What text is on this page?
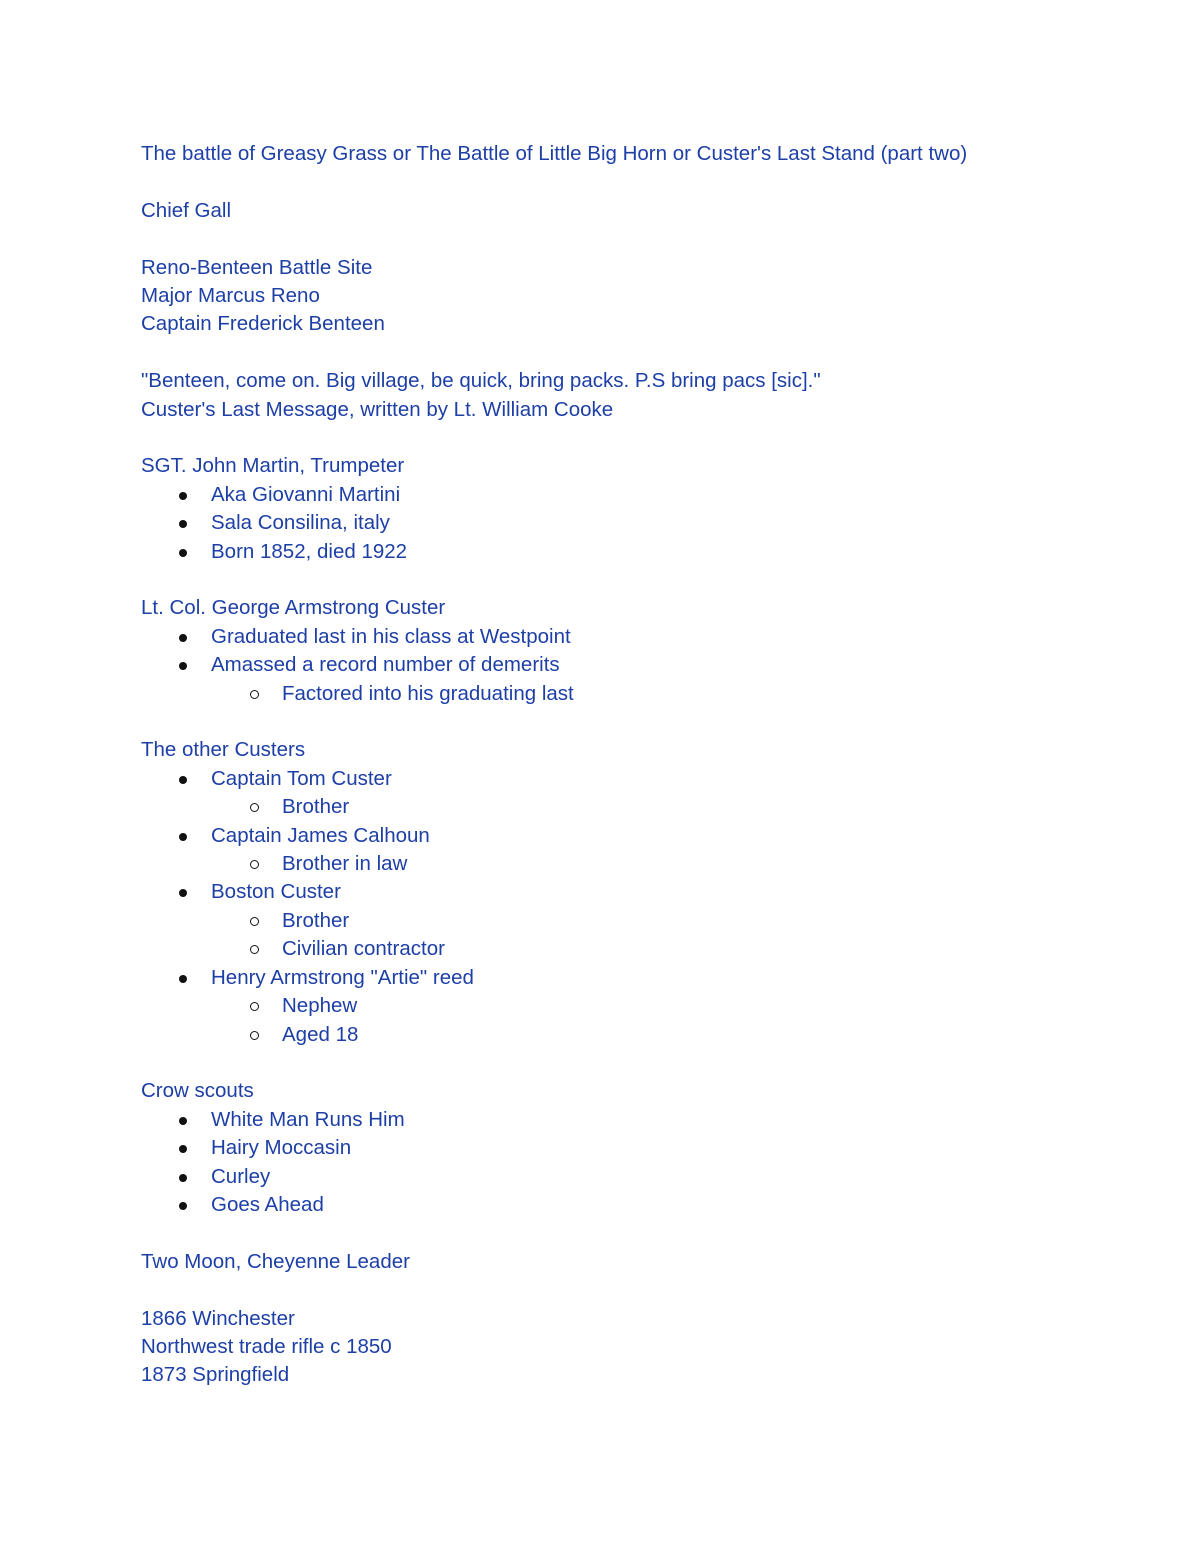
The battle of Greasy Grass or The Battle of Little Big Horn or Custer's Last Stand (part two)
Chief Gall
Reno-Benteen Battle Site
Major Marcus Reno
Captain Frederick Benteen
"Benteen, come on. Big village, be quick, bring packs. P.S bring pacs [sic]."
Custer's Last Message, written by Lt. William Cooke
SGT. John Martin, Trumpeter
Aka Giovanni Martini
Sala Consilina, italy
Born 1852, died 1922
Lt. Col. George Armstrong Custer
Graduated last in his class at Westpoint
Amassed a record number of demerits
Factored into his graduating last
The other Custers
Captain Tom Custer
Brother
Captain James Calhoun
Brother in law
Boston Custer
Brother
Civilian contractor
Henry Armstrong "Artie" reed
Nephew
Aged 18
Crow scouts
White Man Runs Him
Hairy Moccasin
Curley
Goes Ahead
Two Moon, Cheyenne Leader
1866 Winchester
Northwest trade rifle c 1850
1873 Springfield
